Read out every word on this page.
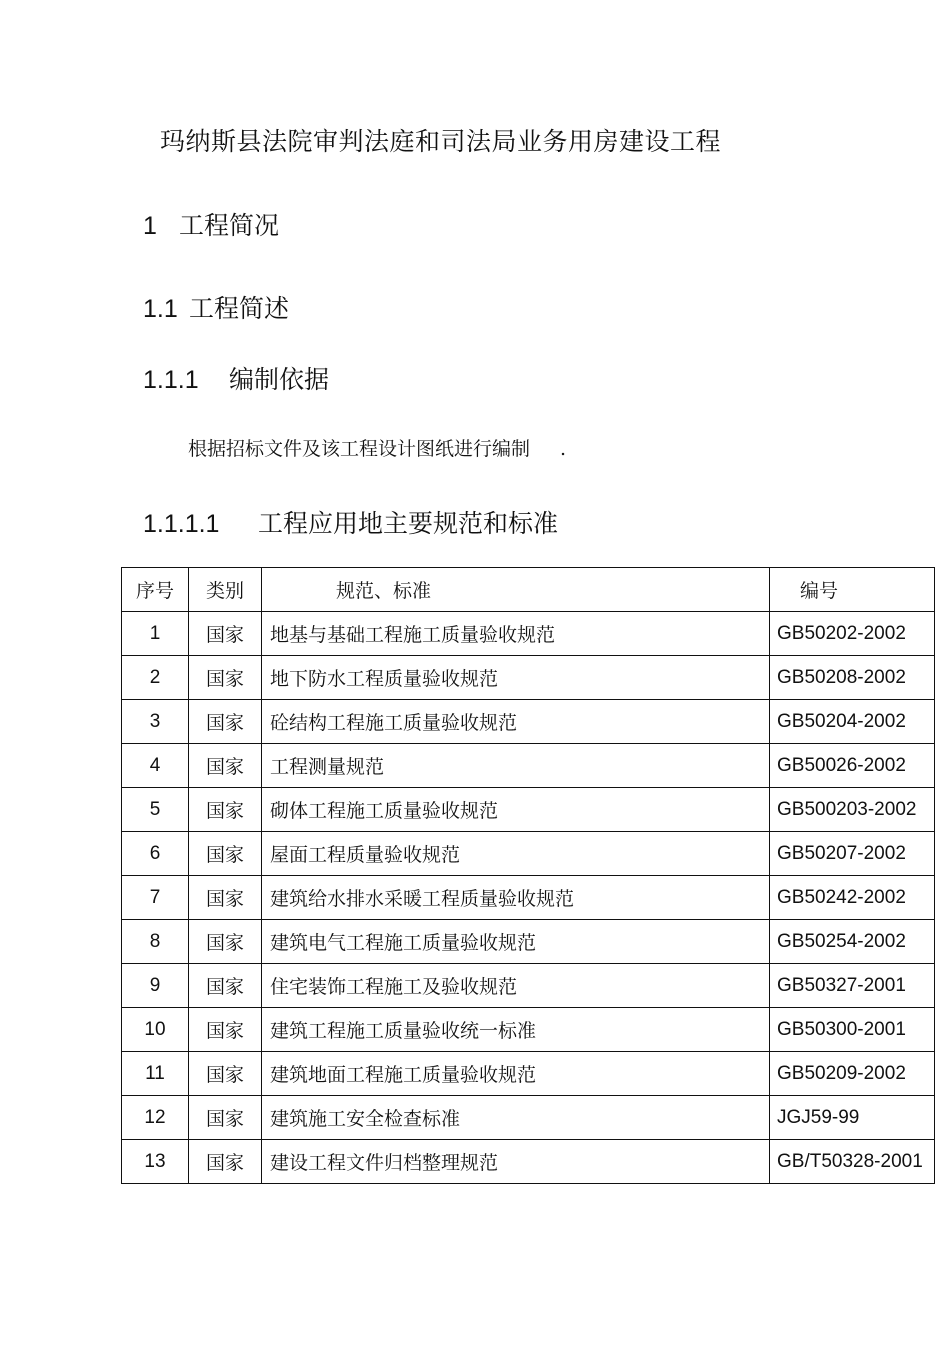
玛纳斯县法院审判法庭和司法局业务用房建设工程
1 工程简况
1.1 工程简述
1.1.1 编制依据
根据招标文件及该工程设计图纸进行编制 .
1.1.1.1 工程应用地主要规范和标准
序号	类别	规范、标准	编号
1	国家	地基与基础工程施工质量验收规范	GB50202-2002
2	国家	地下防水工程质量验收规范	GB50208-2002
3	国家	砼结构工程施工质量验收规范	GB50204-2002
4	国家	工程测量规范	GB50026-2002
5	国家	砌体工程施工质量验收规范	GB500203-2002
6	国家	屋面工程质量验收规范	GB50207-2002
7	国家	建筑给水排水采暖工程质量验收规范	GB50242-2002
8	国家	建筑电气工程施工质量验收规范	GB50254-2002
9	国家	住宅装饰工程施工及验收规范	GB50327-2001
10	国家	建筑工程施工质量验收统一标准	GB50300-2001
11	国家	建筑地面工程施工质量验收规范	GB50209-2002
12	国家	建筑施工安全检查标准	JGJ59-99
13	国家	建设工程文件归档整理规范	GB/T50328-2001
